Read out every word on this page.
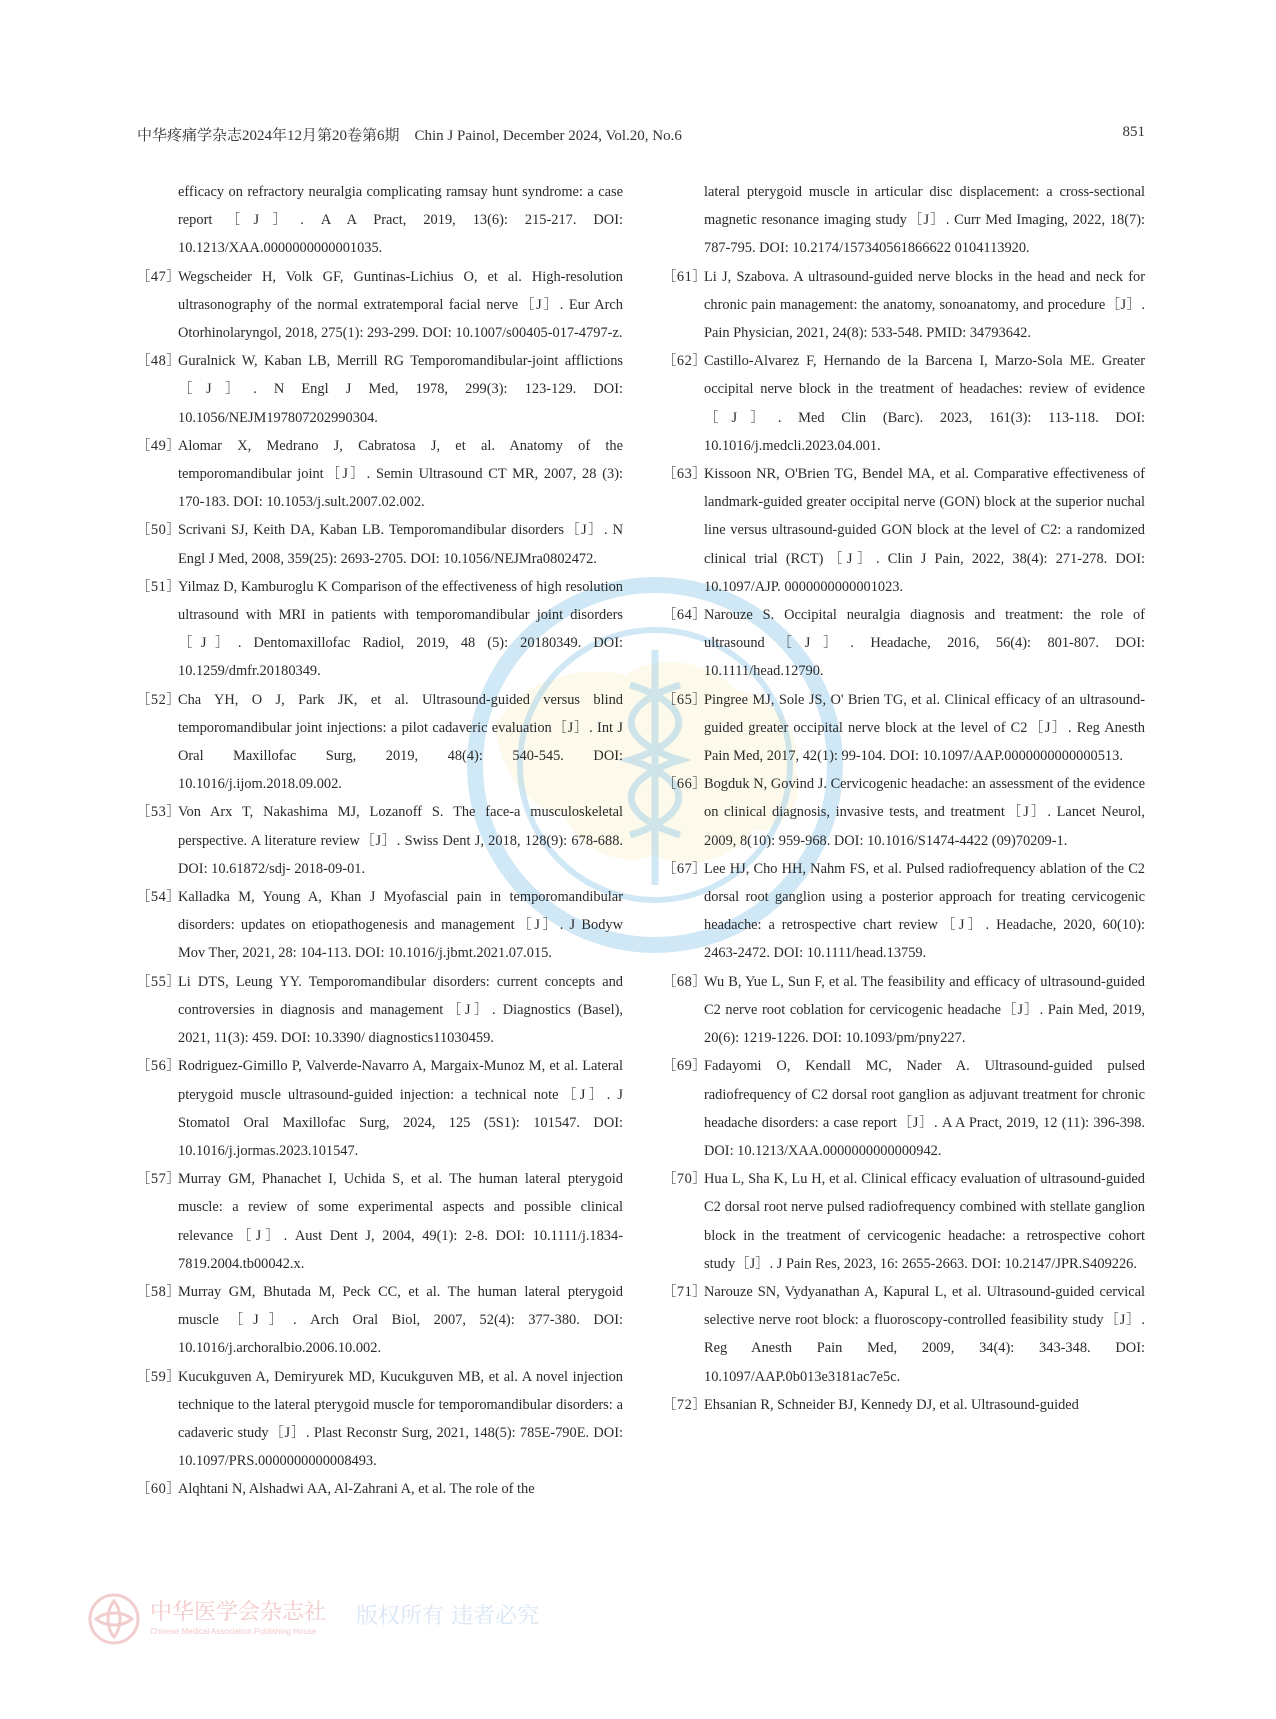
中华疼痛学杂志2024年12月第20卷第6期　Chin J Painol, December 2024, Vol.20, No.6	851
中华医学会杂志社
Chinese Medical Association Publishing House
版权所有 违者必究

efficacy on refractory neuralgia complicating ramsay hunt syndrome: a case report［J］. A A Pract, 2019, 13(6): 215-217. DOI: 10.1213/XAA.0000000000001035.

［47］
Wegscheider H, Volk GF, Guntinas-Lichius O, et al. High-resolution ultrasonography of the normal extratemporal facial nerve［J］. Eur Arch Otorhinolaryngol, 2018, 275(1): 293-299. DOI: 10.1007/s00405-017-4797-z.

［48］
Guralnick W, Kaban LB, Merrill RG Temporomandibular-joint afflictions［J］. N Engl J Med, 1978, 299(3): 123-129. DOI: 10.1056/NEJM197807202990304.

［49］
Alomar X, Medrano J, Cabratosa J, et al. Anatomy of the temporomandibular joint［J］. Semin Ultrasound CT MR, 2007, 28 (3): 170-183. DOI: 10.1053/j.sult.2007.02.002.

［50］
Scrivani SJ, Keith DA, Kaban LB. Temporomandibular disorders［J］. N Engl J Med, 2008, 359(25): 2693-2705. DOI: 10.1056/NEJMra0802472.

［51］
Yilmaz D, Kamburoglu K Comparison of the effectiveness of high resolution ultrasound with MRI in patients with temporomandibular joint disorders［J］. Dentomaxillofac Radiol, 2019, 48 (5): 20180349. DOI: 10.1259/dmfr.20180349.

［52］
Cha YH, O J, Park JK, et al. Ultrasound-guided versus blind temporomandibular joint injections: a pilot cadaveric evaluation［J］. Int J Oral Maxillofac Surg, 2019, 48(4): 540-545. DOI: 10.1016/j.ijom.2018.09.002.

［53］
Von Arx T, Nakashima MJ, Lozanoff S. The face-a musculoskeletal perspective. A literature review［J］. Swiss Dent J, 2018, 128(9): 678-688. DOI: 10.61872/sdj- 2018-09-01.

［54］
Kalladka M, Young A, Khan J Myofascial pain in temporomandibular disorders: updates on etiopathogenesis and management［J］. J Bodyw Mov Ther, 2021, 28: 104-113. DOI: 10.1016/j.jbmt.2021.07.015.

［55］
Li DTS, Leung YY. Temporomandibular disorders: current concepts and controversies in diagnosis and management［J］. Diagnostics (Basel), 2021, 11(3): 459. DOI: 10.3390/ diagnostics11030459.

［56］
Rodriguez-Gimillo P, Valverde-Navarro A, Margaix-Munoz M, et al. Lateral pterygoid muscle ultrasound-guided injection: a technical note［J］. J Stomatol Oral Maxillofac Surg, 2024, 125 (5S1): 101547. DOI: 10.1016/j.jormas.2023.101547.

［57］
Murray GM, Phanachet I, Uchida S, et al. The human lateral pterygoid muscle: a review of some experimental aspects and possible clinical relevance［J］. Aust Dent J, 2004, 49(1): 2-8. DOI: 10.1111/j.1834-7819.2004.tb00042.x.

［58］
Murray GM, Bhutada M, Peck CC, et al. The human lateral pterygoid muscle［J］. Arch Oral Biol, 2007, 52(4): 377-380. DOI: 10.1016/j.archoralbio.2006.10.002.

［59］
Kucukguven A, Demiryurek MD, Kucukguven MB, et al. A novel injection technique to the lateral pterygoid muscle for temporomandibular disorders: a cadaveric study［J］. Plast Reconstr Surg, 2021, 148(5): 785E-790E. DOI: 10.1097/PRS.0000000000008493.

［60］
Alqhtani N, Alshadwi AA, Al-Zahrani A, et al. The role of the

lateral pterygoid muscle in articular disc displacement: a cross-sectional magnetic resonance imaging study［J］. Curr Med Imaging, 2022, 18(7): 787-795. DOI: 10.2174/157340561866622 0104113920.

［61］
Li J, Szabova. A ultrasound-guided nerve blocks in the head and neck for chronic pain management: the anatomy, sonoanatomy, and procedure［J］. Pain Physician, 2021, 24(8): 533-548. PMID: 34793642.

［62］
Castillo-Alvarez F, Hernando de la Barcena I, Marzo-Sola ME. Greater occipital nerve block in the treatment of headaches: review of evidence［J］. Med Clin (Barc). 2023, 161(3): 113-118. DOI: 10.1016/j.medcli.2023.04.001.

［63］
Kissoon NR, O'Brien TG, Bendel MA, et al. Comparative effectiveness of landmark-guided greater occipital nerve (GON) block at the superior nuchal line versus ultrasound-guided GON block at the level of C2: a randomized clinical trial (RCT)［J］. Clin J Pain, 2022, 38(4): 271-278. DOI: 10.1097/AJP. 0000000000001023.

［64］
Narouze S. Occipital neuralgia diagnosis and treatment: the role of ultrasound［J］. Headache, 2016, 56(4): 801-807. DOI: 10.1111/head.12790.

［65］
Pingree MJ, Sole JS, O' Brien TG, et al. Clinical efficacy of an ultrasound-guided greater occipital nerve block at the level of C2［J］. Reg Anesth Pain Med, 2017, 42(1): 99-104. DOI: 10.1097/AAP.0000000000000513.

［66］
Bogduk N, Govind J. Cervicogenic headache: an assessment of the evidence on clinical diagnosis, invasive tests, and treatment［J］. Lancet Neurol, 2009, 8(10): 959-968. DOI: 10.1016/S1474-4422 (09)70209-1.

［67］
Lee HJ, Cho HH, Nahm FS, et al. Pulsed radiofrequency ablation of the C2 dorsal root ganglion using a posterior approach for treating cervicogenic headache: a retrospective chart review［J］. Headache, 2020, 60(10): 2463-2472. DOI: 10.1111/head.13759.

［68］
Wu B, Yue L, Sun F, et al. The feasibility and efficacy of ultrasound-guided C2 nerve root coblation for cervicogenic headache［J］. Pain Med, 2019, 20(6): 1219-1226. DOI: 10.1093/pm/pny227.

［69］
Fadayomi O, Kendall MC, Nader A. Ultrasound-guided pulsed radiofrequency of C2 dorsal root ganglion as adjuvant treatment for chronic headache disorders: a case report［J］. A A Pract, 2019, 12 (11): 396-398. DOI: 10.1213/XAA.0000000000000942.

［70］
Hua L, Sha K, Lu H, et al. Clinical efficacy evaluation of ultrasound-guided C2 dorsal root nerve pulsed radiofrequency combined with stellate ganglion block in the treatment of cervicogenic headache: a retrospective cohort study［J］. J Pain Res, 2023, 16: 2655-2663. DOI: 10.2147/JPR.S409226.

［71］
Narouze SN, Vydyanathan A, Kapural L, et al. Ultrasound-guided cervical selective nerve root block: a fluoroscopy-controlled feasibility study［J］. Reg Anesth Pain Med, 2009, 34(4): 343-348. DOI: 10.1097/AAP.0b013e3181ac7e5c.

［72］
Ehsanian R, Schneider BJ, Kennedy DJ, et al. Ultrasound-guided
